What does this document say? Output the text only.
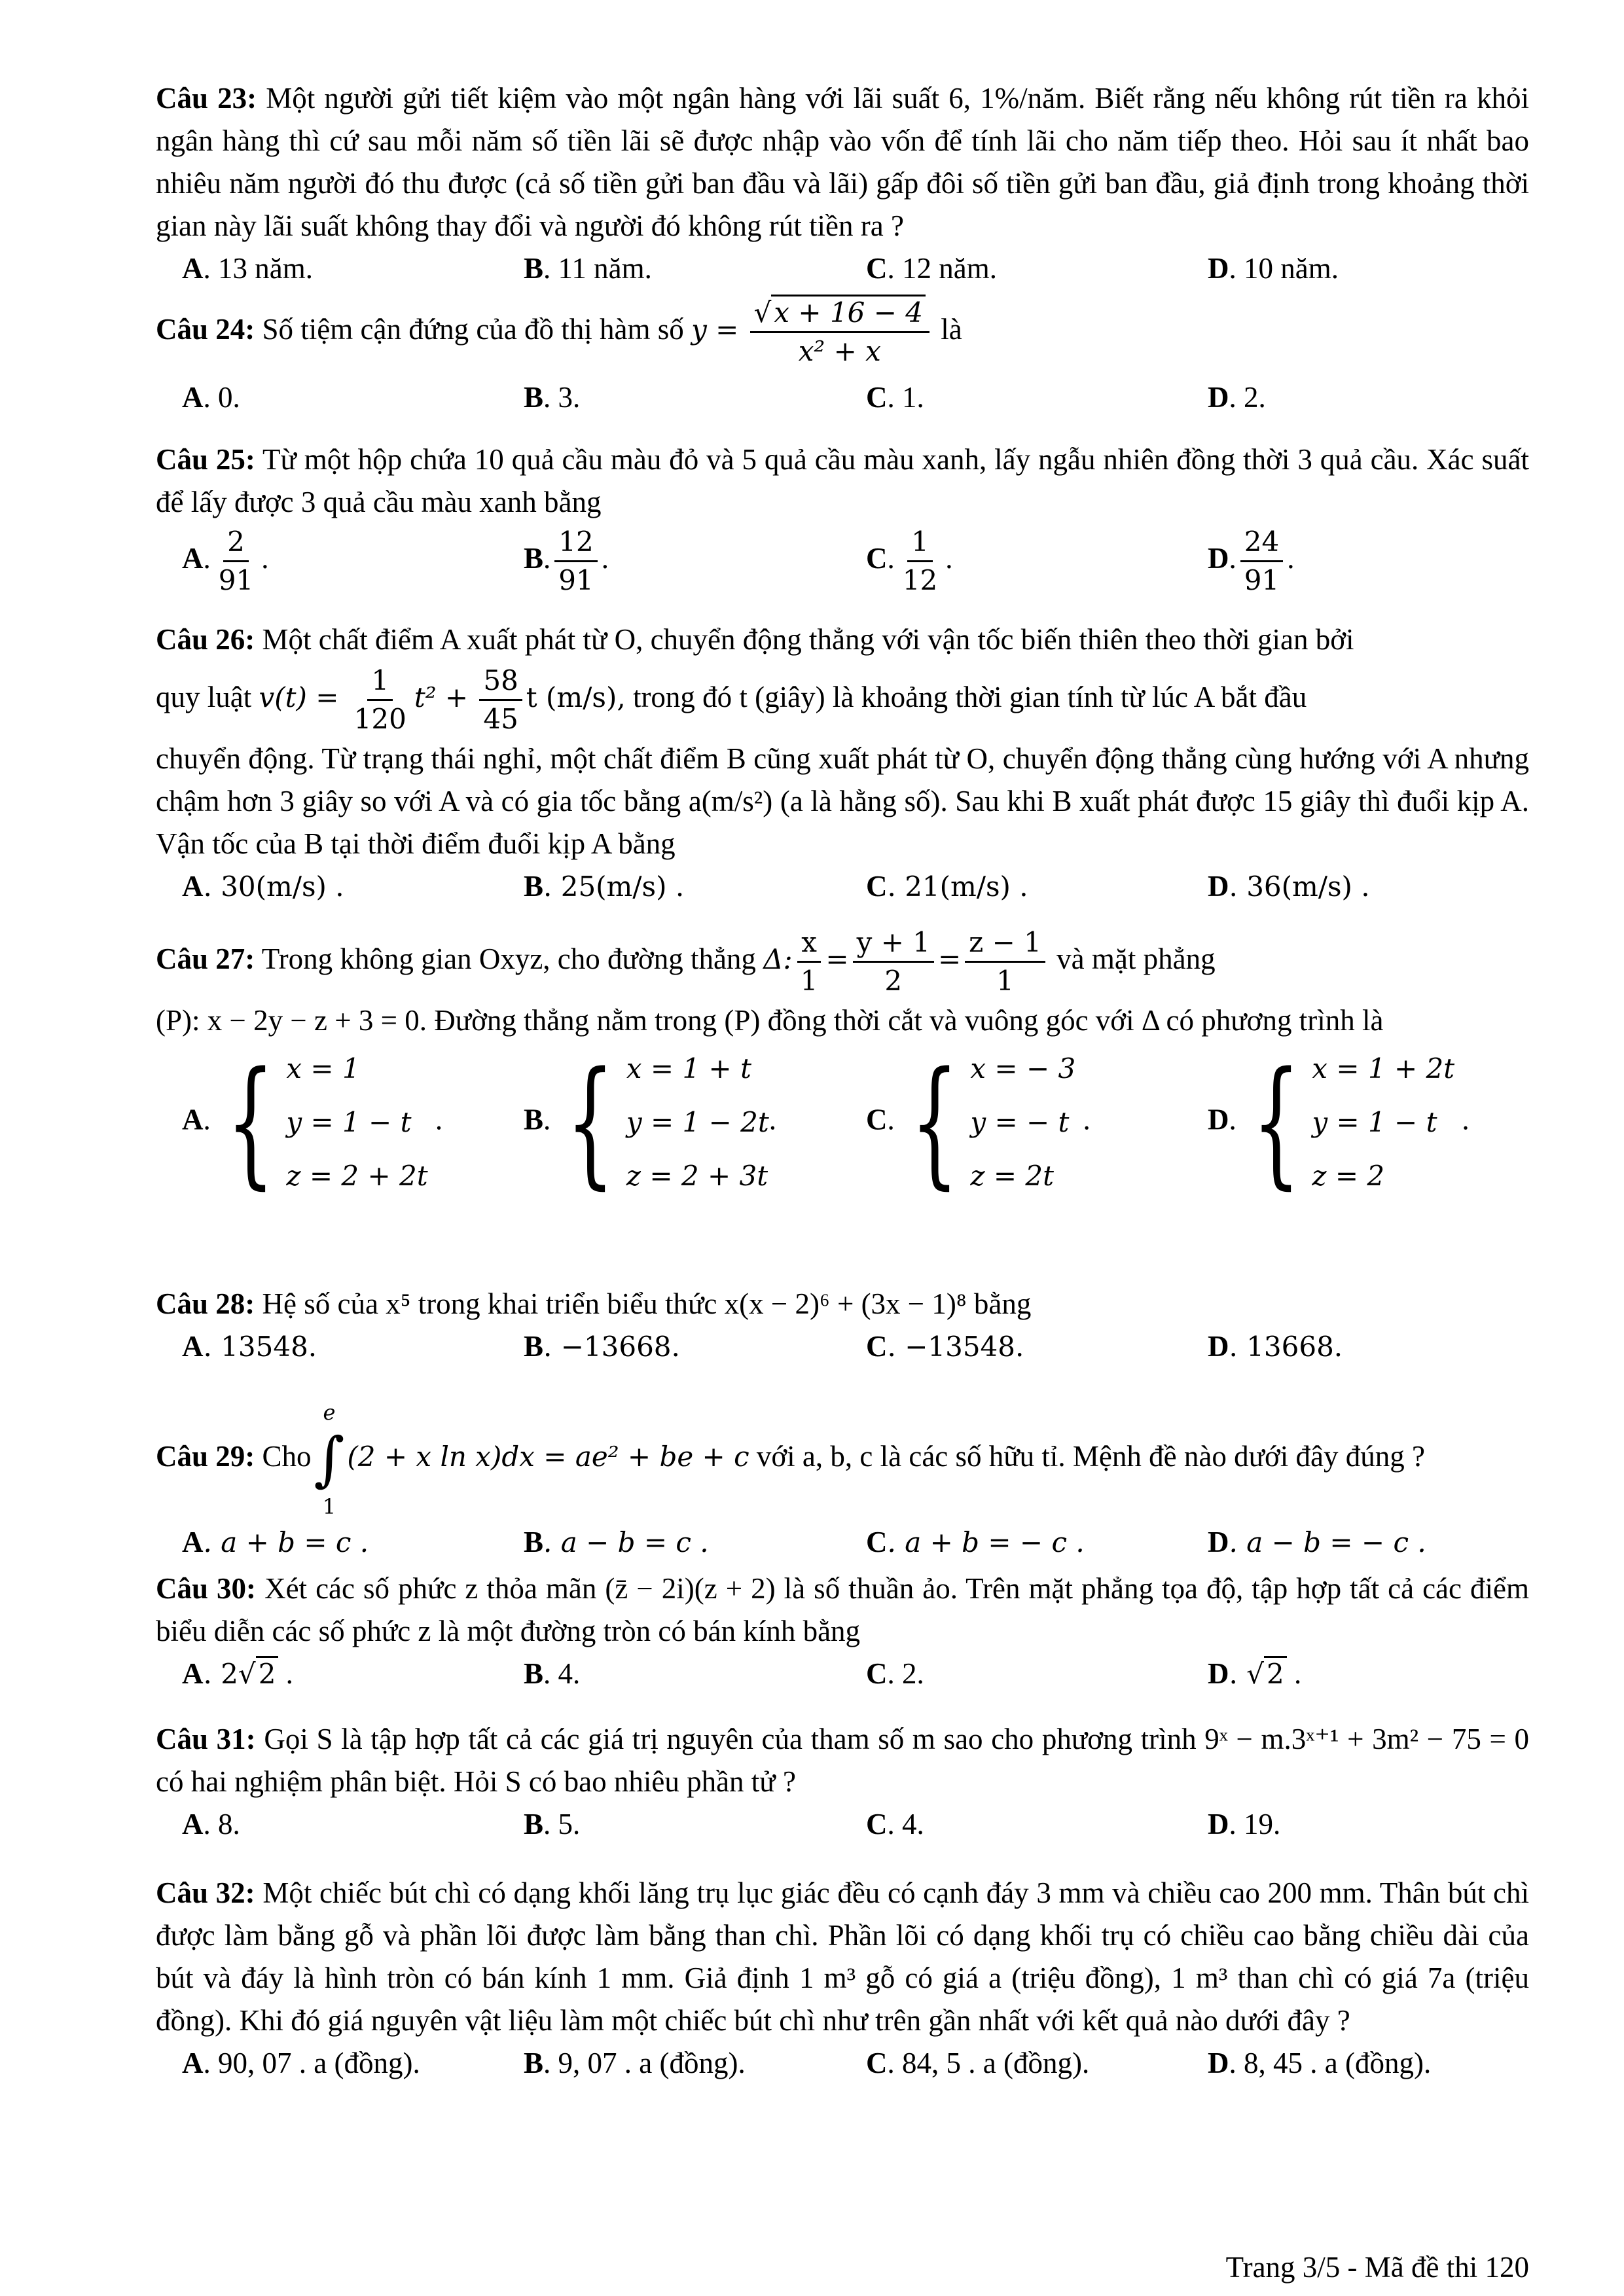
Câu 23: Một người gửi tiết kiệm vào một ngân hàng với lãi suất 6, 1%/năm. Biết rằng nếu không rút tiền ra khỏi ngân hàng thì cứ sau mỗi năm số tiền lãi sẽ được nhập vào vốn để tính lãi cho năm tiếp theo. Hỏi sau ít nhất bao nhiêu năm người đó thu được (cả số tiền gửi ban đầu và lãi) gấp đôi số tiền gửi ban đầu, giả định trong khoảng thời gian này lãi suất không thay đổi và người đó không rút tiền ra ?

A. 13 năm.	B. 11 năm.	C. 12 năm.	D. 10 năm.

Câu 24: Số tiệm cận đứng của đồ thị hàm số $y = \frac{√x + 16 - 4}{\text{x² + x}}$ là

A. 0.	B. 3.	C. 1.	D. 2.

Câu 25: Từ một hộp chứa 10 quả cầu màu đỏ và 5 quả cầu màu xanh, lấy ngẫu nhiên đồng thời 3 quả cầu. Xác suất để lấy được 3 quả cầu màu xanh bằng

A. $\frac{2}{91}$ .	B. $\frac{12}{91}$ .	C. $\frac{1}{12}$ .	D. $\frac{24}{91}$ .

Câu 26: Một chất điểm A xuất phát từ O, chuyển động thẳng với vận tốc biến thiên theo thời gian bởi

quy luật $v(t) = \frac{1}{120} t^2 + \frac{58}{45}$ t (m/s), trong đó t (giây) là khoảng thời gian tính từ lúc A bắt đầu

chuyển động. Từ trạng thái nghỉ, một chất điểm B cũng xuất phát từ O, chuyển động thẳng cùng hướng với A nhưng chậm hơn 3 giây so với A và có gia tốc bằng a(m/s²) (a là hằng số). Sau khi B xuất phát được 15 giây thì đuổi kịp A. Vận tốc của B tại thời điểm đuổi kịp A bằng

A. 30(m/s) .	B. 25(m/s) .	C. 21(m/s) .	D. 36(m/s) .

Câu 27: Trong không gian Oxyz, cho đường thẳng Δ: $\frac{x}{1} = \frac{y + 1}{2} = \frac{z - 1}{1}$ và mặt phẳng

(P): x − 2y − z + 3 = 0. Đường thẳng nằm trong (P) đồng thời cắt và vuông góc với Δ có phương trình là

A. { x = 1
y = 1 − t
z = 2 + 2t
.	B. { x = 1 + t
y = 1 − 2t
z = 2 + 3t
.	C. { x = − 3
y = − t
z = 2t
.	D. { x = 1 + 2t
y = 1 − t
z = 2
.

Câu 28: Hệ số của x⁵ trong khai triển biểu thức x(x − 2)⁶ + (3x − 1)⁸ bằng

A. 13548.	B. −13668.	C. −13548.	D. 13668.

Câu 29: Cho
e
∫
1
(2 + x ln x)dx = ae² + be + c với a, b, c là các số hữu tỉ. Mệnh đề nào dưới đây đúng ?

A. a + b = c .	B. a − b = c .	C. a + b = − c .	D. a − b = − c .

Câu 30: Xét các số phức z thỏa mãn (z̄ − 2i)(z + 2) là số thuần ảo. Trên mặt phẳng tọa độ, tập hợp tất cả các điểm biểu diễn các số phức z là một đường tròn có bán kính bằng

A. 2√2 .	B. 4.	C. 2.	D. √2 .

Câu 31: Gọi S là tập hợp tất cả các giá trị nguyên của tham số m sao cho phương trình 9ˣ − m.3ˣ⁺¹ + 3m² − 75 = 0 có hai nghiệm phân biệt. Hỏi S có bao nhiêu phần tử ?

A. 8.	B. 5.	C. 4.	D. 19.

Câu 32: Một chiếc bút chì có dạng khối lăng trụ lục giác đều có cạnh đáy 3 mm và chiều cao 200 mm. Thân bút chì được làm bằng gỗ và phần lõi được làm bằng than chì. Phần lõi có dạng khối trụ có chiều cao bằng chiều dài của bút và đáy là hình tròn có bán kính 1 mm. Giả định 1 m³ gỗ có giá a (triệu đồng), 1 m³ than chì có giá 7a (triệu đồng). Khi đó giá nguyên vật liệu làm một chiếc bút chì như trên gần nhất với kết quả nào dưới đây ?

A. 90, 07 . a (đồng).	B. 9, 07 . a (đồng).	C. 84, 5 . a (đồng).	D. 8, 45 . a (đồng).
Trang 3/5 - Mã đề thi 120
